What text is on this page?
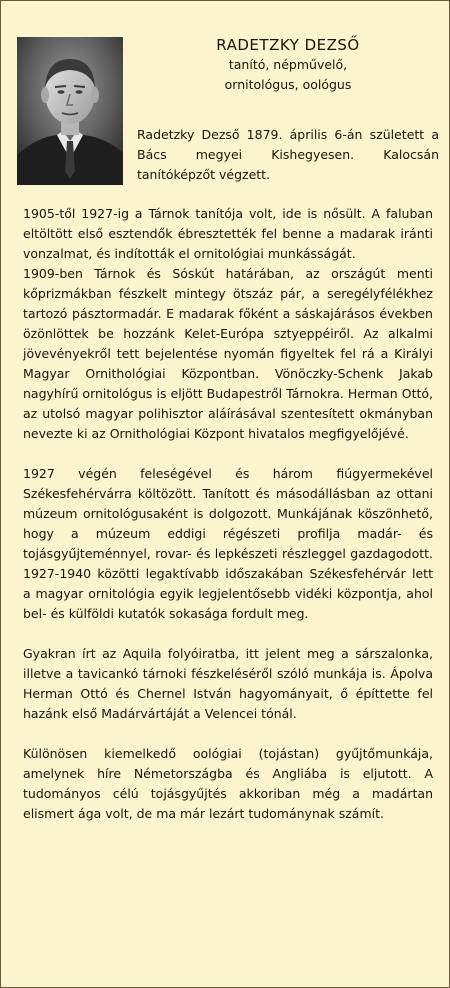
RADETZKY DEZSŐ
tanító, népművelő,
ornitológus, oológus
Radetzky Dezső 1879. április 6-án született a Bács megyei Kishegyesen. Kalocsán tanítóképzőt végzett.

1905-től 1927-ig a Tárnok tanítója volt, ide is nősült. A faluban eltöltött első esztendők ébresztették fel benne a madarak iránti vonzalmat, és indították el ornitológiai munkásságát.

1909-ben Tárnok és Sóskút határában, az országút menti kőprizmákban fészkelt mintegy ötszáz pár, a seregélyfélékhez tartozó pásztormadár. E madarak főként a sáskajárásos években özönlöttek be hozzánk Kelet-Európa sztyeppéiről. Az alkalmi jövevényekről tett bejelentése nyomán figyeltek fel rá a Királyi Magyar Ornithológiai Központban. Vönöczky-Schenk Jakab nagyhírű ornitológus is eljött Budapestről Tárnokra. Herman Ottó, az utolsó magyar polihisztor aláírásával szentesített okmányban nevezte ki az Ornithológiai Központ hivatalos megfigyelőjévé.

1927 végén feleségével és három fiúgyermekével Székesfehérvárra költözött. Tanított és másodállásban az ottani múzeum ornitológusaként is dolgozott. Munkájának köszönhető, hogy a múzeum eddigi régészeti profilja madár- és tojásgyűjteménnyel, rovar- és lepkészeti részleggel gazdagodott. 1927-1940 közötti legaktívabb időszakában Székesfehérvár lett a magyar ornitológia egyik legjelentősebb vidéki központja, ahol bel- és külföldi kutatók sokasága fordult meg.

Gyakran írt az Aquila folyóiratba, itt jelent meg a sárszalonka, illetve a tavicankó tárnoki fészkeléséről szóló munkája is. Ápolva Herman Ottó és Chernel István hagyományait, ő építtette fel hazánk első Madárvártáját a Velencei tónál.

Különösen kiemelkedő oológiai (tojástan) gyűjtőmunkája, amelynek híre Németországba és Angliába is eljutott. A tudományos célú tojásgyűjtés akkoriban még a madártan elismert ága volt, de ma már lezárt tudománynak számít.
